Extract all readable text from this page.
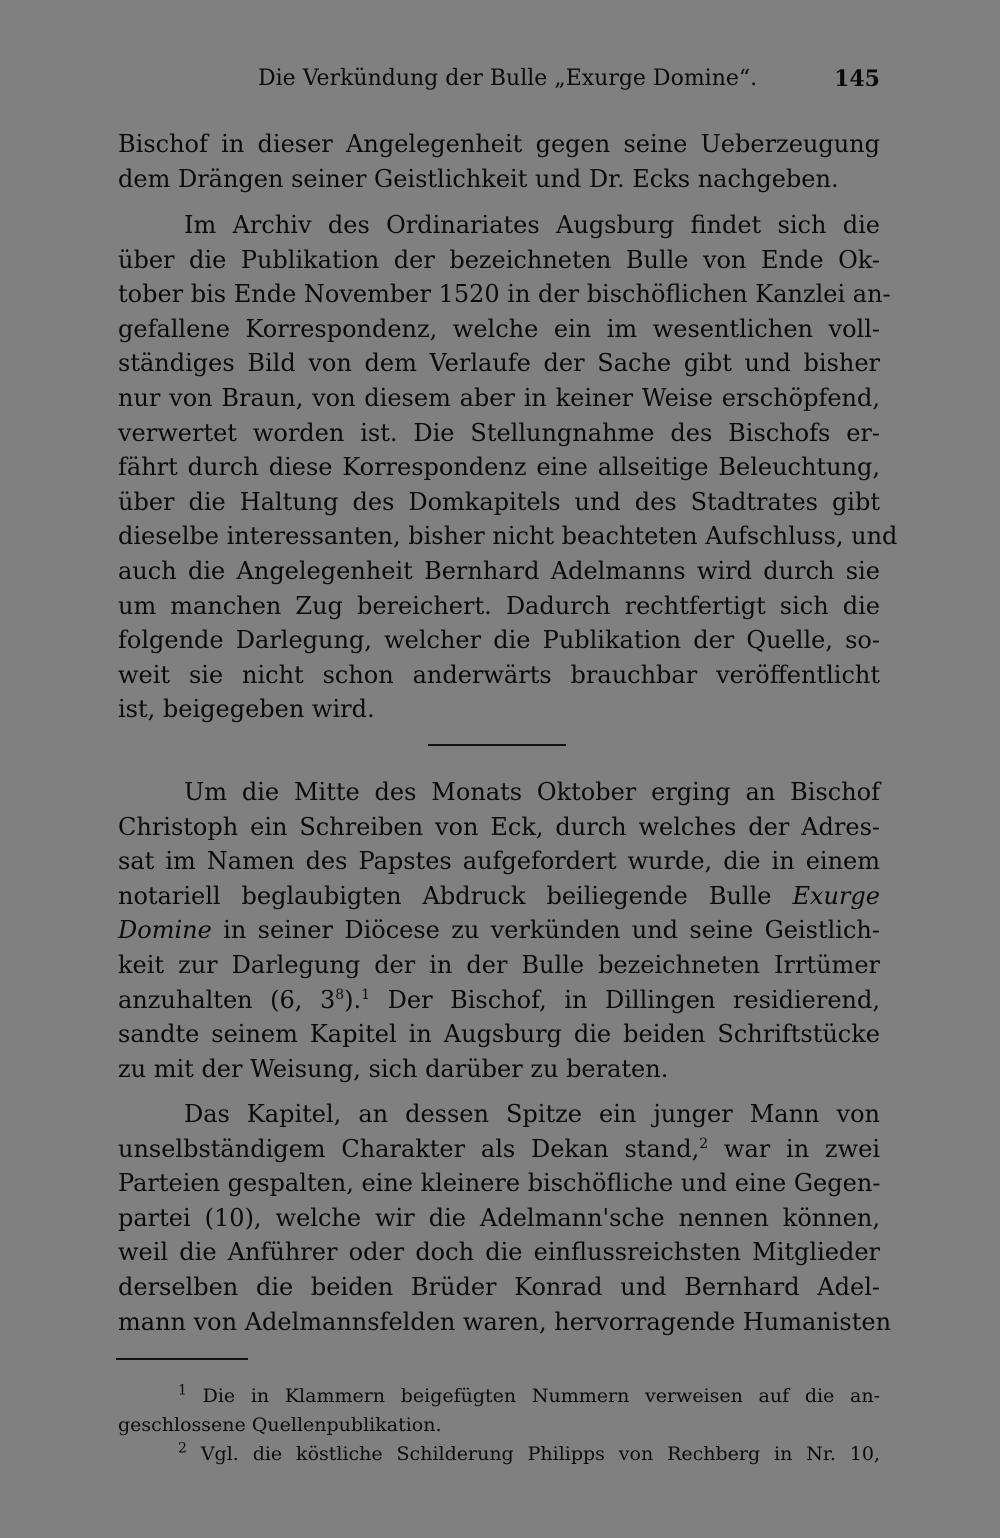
Die Verkündung der Bulle „Exurge Domine“.	145
Bischof in dieser Angelegenheit gegen seine Ueberzeugung
dem Drängen seiner Geistlichkeit und Dr. Ecks nachgeben.
Im Archiv des Ordinariates Augsburg findet sich die
über die Publikation der bezeichneten Bulle von Ende Ok-
tober bis Ende November 1520 in der bischöflichen Kanzlei an-
gefallene Korrespondenz, welche ein im wesentlichen voll-
ständiges Bild von dem Verlaufe der Sache gibt und bisher
nur von Braun, von diesem aber in keiner Weise erschöpfend,
verwertet worden ist. Die Stellungnahme des Bischofs er-
fährt durch diese Korrespondenz eine allseitige Beleuchtung,
über die Haltung des Domkapitels und des Stadtrates gibt
dieselbe interessanten, bisher nicht beachteten Aufschluss, und
auch die Angelegenheit Bernhard Adelmanns wird durch sie
um manchen Zug bereichert. Dadurch rechtfertigt sich die
folgende Darlegung, welcher die Publikation der Quelle, so-
weit sie nicht schon anderwärts brauchbar veröffentlicht
ist, beigegeben wird.
Um die Mitte des Monats Oktober erging an Bischof
Christoph ein Schreiben von Eck, durch welches der Adres-
sat im Namen des Papstes aufgefordert wurde, die in einem
notariell beglaubigten Abdruck beiliegende Bulle Exurge
Domine in seiner Diöcese zu verkünden und seine Geistlich-
keit zur Darlegung der in der Bulle bezeichneten Irrtümer
anzuhalten (6, $3^8).^1$ Der Bischof, in Dillingen residierend,
sandte seinem Kapitel in Augsburg die beiden Schriftstücke
zu mit der Weisung, sich darüber zu beraten.
Das Kapitel, an dessen Spitze ein junger Mann von
unselbständigem Charakter als Dekan stand,$^2$ war in zwei
Parteien gespalten, eine kleinere bischöfliche und eine Gegen-
partei (10), welche wir die Adelmann'sche nennen können,
weil die Anführer oder doch die einflussreichsten Mitglieder
derselben die beiden Brüder Konrad und Bernhard Adel-
mann von Adelmannsfelden waren, hervorragende Humanisten
$^1$ Die in Klammern beigefügten Nummern verweisen auf die an-
geschlossene Quellenpublikation.
$^2$ Vgl. die köstliche Schilderung Philipps von Rechberg in Nr. 10,
